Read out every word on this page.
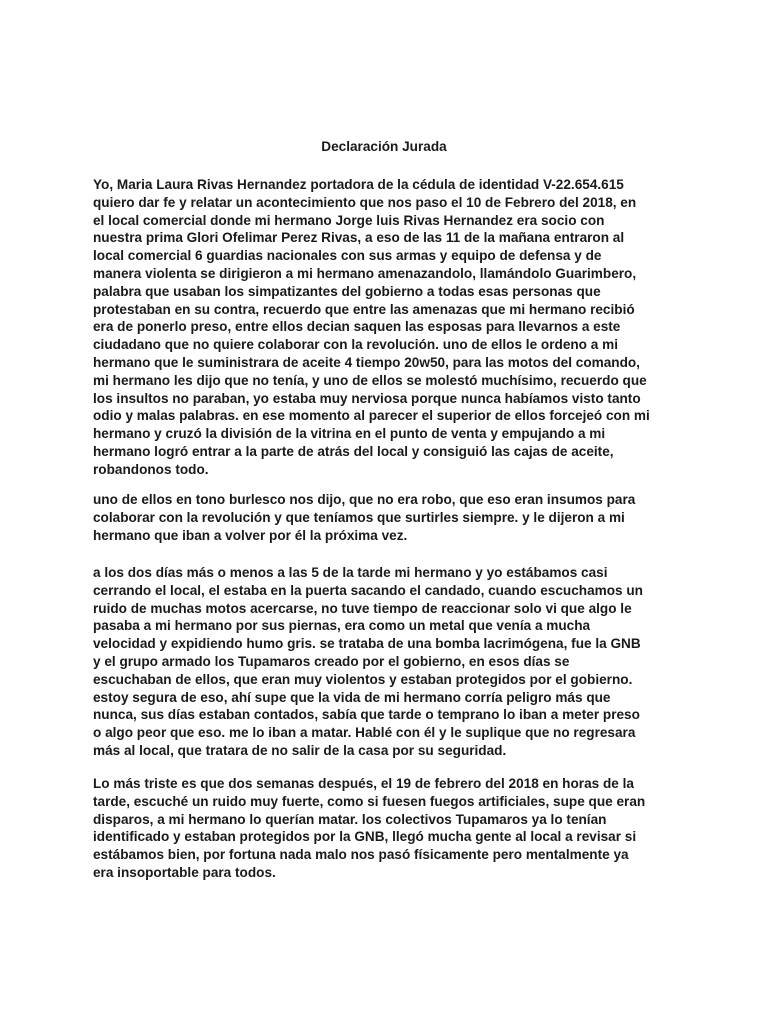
Declaración Jurada

Yo, Maria Laura Rivas Hernandez portadora de la cédula de identidad V-22.654.615
quiero dar fe y relatar un acontecimiento que nos paso el 10 de Febrero del 2018, en
el local comercial donde mi hermano Jorge luis Rivas Hernandez era socio con
nuestra prima Glori Ofelimar Perez Rivas, a eso de las 11 de la mañana entraron al
local comercial 6 guardias nacionales con sus armas y equipo de defensa y de
manera violenta se dirigieron a mi hermano amenazandolo, llamándolo Guarimbero,
palabra que usaban los simpatizantes del gobierno a todas esas personas que
protestaban en su contra, recuerdo que entre las amenazas que mi hermano recibió
era de ponerlo preso, entre ellos decian saquen las esposas para llevarnos a este
ciudadano que no quiere colaborar con la revolución. uno de ellos le ordeno a mi
hermano que le suministrara de aceite 4 tiempo 20w50, para las motos del comando,
mi hermano les dijo que no tenía, y uno de ellos se molestó muchísimo, recuerdo que
los insultos no paraban, yo estaba muy nerviosa porque nunca habíamos visto tanto
odio y malas palabras. en ese momento al parecer el superior de ellos forcejeó con mi
hermano y cruzó la división de la vitrina en el punto de venta y empujando a mi
hermano logró entrar a la parte de atrás del local y consiguió las cajas de aceite,
robandonos todo.

uno de ellos en tono burlesco nos dijo, que no era robo, que eso eran insumos para
colaborar con la revolución y que teníamos que surtirles siempre. y le dijeron a mi
hermano que iban a volver por él la próxima vez.

a los dos días más o menos a las 5 de la tarde mi hermano y yo estábamos casi
cerrando el local, el estaba en la puerta sacando el candado, cuando escuchamos un
ruido de muchas motos acercarse, no tuve tiempo de reaccionar solo vi que algo le
pasaba a mi hermano por sus piernas, era como un metal que venía a mucha
velocidad y expidiendo humo gris. se trataba de una bomba lacrimógena, fue la GNB
y el grupo armado los Tupamaros creado por el gobierno, en esos días se
escuchaban de ellos, que eran muy violentos y estaban protegidos por el gobierno.
estoy segura de eso, ahí supe que la vida de mi hermano corría peligro más que
nunca, sus días estaban contados, sabía que tarde o temprano lo iban a meter preso
o algo peor que eso. me lo iban a matar. Hablé con él y le suplique que no regresara
más al local, que tratara de no salir de la casa por su seguridad.

Lo más triste es que dos semanas después, el 19 de febrero del 2018 en horas de la
tarde, escuché un ruido muy fuerte, como si fuesen fuegos artificiales, supe que eran
disparos, a mi hermano lo querían matar. los colectivos Tupamaros ya lo tenían
identificado y estaban protegidos por la GNB, llegó mucha gente al local a revisar si
estábamos bien, por fortuna nada malo nos pasó físicamente pero mentalmente ya
era insoportable para todos.
